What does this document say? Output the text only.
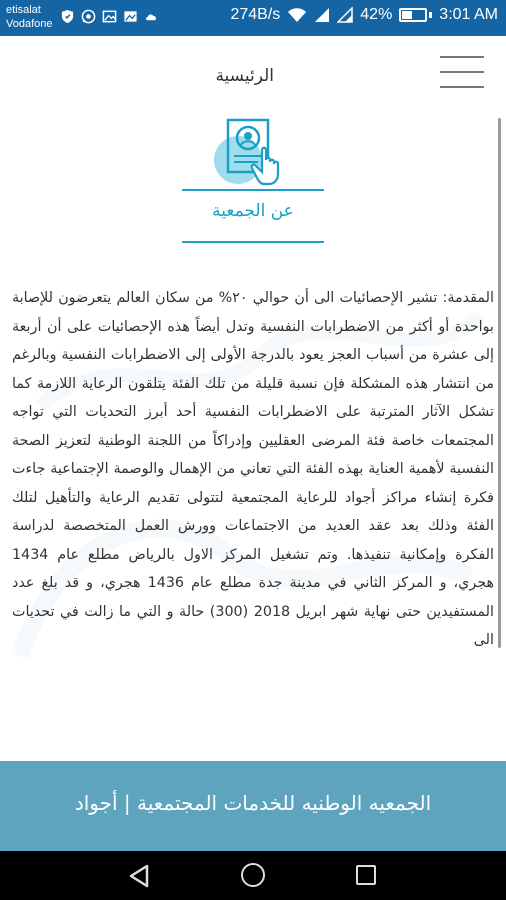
etisalat
Vodafone
274B/s	42%	3:01 AM
الرئيسية
عن الجمعية

المقدمة: تشير الإحصائيات الى أن حوالي ٢٠% من سكان العالم يتعرضون للإصابة بواحدة أو أكثر من الاضطرابات النفسية وتدل أيضاً هذه الإحصائيات على أن أربعة إلى عشرة من أسباب العجز يعود بالدرجة الأولى إلى الاضطرابات النفسية وبالرغم من انتشار هذه المشكلة فإن نسبة قليلة من تلك الفئة يتلقون الرعاية اللازمة كما تشكل الآثار المترتبة على الاضطرابات النفسية أحد أبرز التحديات التي تواجه المجتمعات خاصة فئة المرضى العقليين وإدراكاً من اللجنة الوطنية لتعزيز الصحة النفسية لأهمية العناية بهذه الفئة التي تعاني من الإهمال والوصمة الإجتماعية جاءت فكرة إنشاء مراكز أجواد للرعاية المجتمعية لتتولى تقديم الرعاية والتأهيل لتلك الفئة وذلك بعد عقد العديد من الاجتماعات وورش العمل المتخصصة لدراسة الفكرة وإمكانية تنفيذها. وتم تشغيل المركز الاول بالرياض مطلع عام 1434 هجري، و المركز الثاني في مدينة جدة مطلع عام 1436 هجري، و قد بلغ عدد المستفيدين حتى نهاية شهر ابريل 2018 (300) حالة و التي ما زالت في تحديات الى

الجمعيه الوطنيه للخدمات المجتمعية | أجواد
